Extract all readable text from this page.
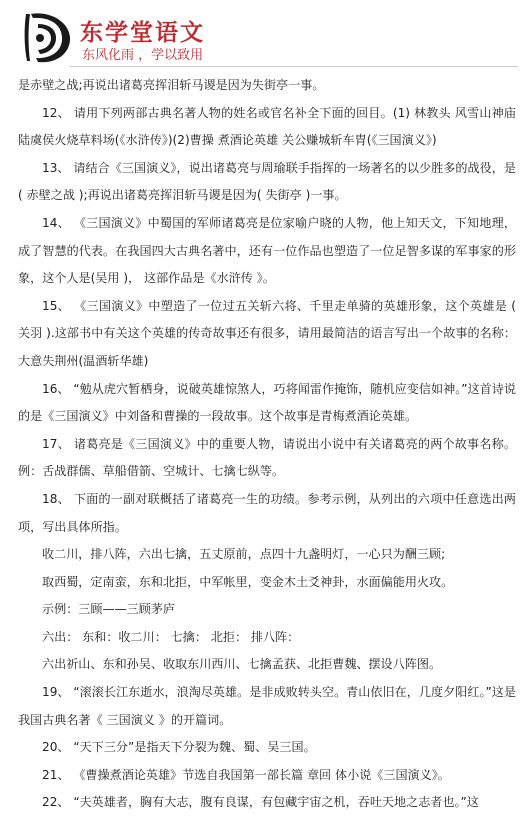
东学堂语文
东风化雨 ，学以致用

是赤壁之战;再说出诸葛亮挥泪斩马谡是因为失街亭一事。

12、 请用下列两部古典名著人物的姓名或官名补全下面的回目。(1) 林教头 风雪山神庙 陆虞侯火烧草料场(《水浒传》)(2)曹操 煮酒论英雄 关公赚城斩车胄(《三国演义》)

13、 请结合《三国演义》，说出诸葛亮与周瑜联手指挥的一场著名的以少胜多的战役，是( 赤壁之战 );再说出诸葛亮挥泪斩马谡是因为( 失街亭 )一事。

14、 《三国演义》中蜀国的军师诸葛亮是位家喻户晓的人物，他上知天文，下知地理，成了智慧的代表。在我国四大古典名著中，还有一位作品也塑造了一位足智多谋的军事家的形象，这个人是(吴用 )， 这部作品是《水浒传 》。

15、 《三国演义》中塑造了一位过五关斩六将、千里走单骑的英雄形象，这个英雄是 ( 关羽 ).这部书中有关这个英雄的传奇故事还有很多，请用最简洁的语言写出一个故事的名称：大意失荆州(温酒斩华雄)

16、 “勉从虎穴暂栖身，说破英雄惊煞人，巧将闻雷作掩饰，随机应变信如神。”这首诗说的是《三国演义》中刘备和曹操的一段故事。这个故事是青梅煮酒论英雄。

17、 诸葛亮是《三国演义》中的重要人物，请说出小说中有关诸葛亮的两个故事名称。例：舌战群儒、草船借箭、空城计、七擒七纵等。

18、 下面的一副对联概括了诸葛亮一生的功绩。参考示例，从列出的六项中任意选出两项，写出具体所指。

收二川，排八阵，六出七擒，五丈原前，点四十九盏明灯，一心只为酬三顾;

取西蜀，定南蛮，东和北拒，中军帐里，变金木土爻神卦，水面偏能用火攻。

示例：三顾——三顾茅庐

六出： 东和：收二川： 七擒： 北拒： 排八阵：

六出祈山、东和孙吴、收取东川西川、七擒孟获、北拒曹魏、摆设八阵图。

19、 “滚滚长江东逝水，浪淘尽英雄。是非成败转头空。青山依旧在，几度夕阳红。”这是我国古典名著《 三国演义 》的开篇词。

20、 “天下三分”是指天下分裂为魏、蜀、吴三国。

21、 《曹操煮酒论英雄》节选自我国第一部长篇 章回 体小说《三国演义》。

22、 “夫英雄者，胸有大志，腹有良谋，有包藏宇宙之机，吞吐天地之志者也。”这
